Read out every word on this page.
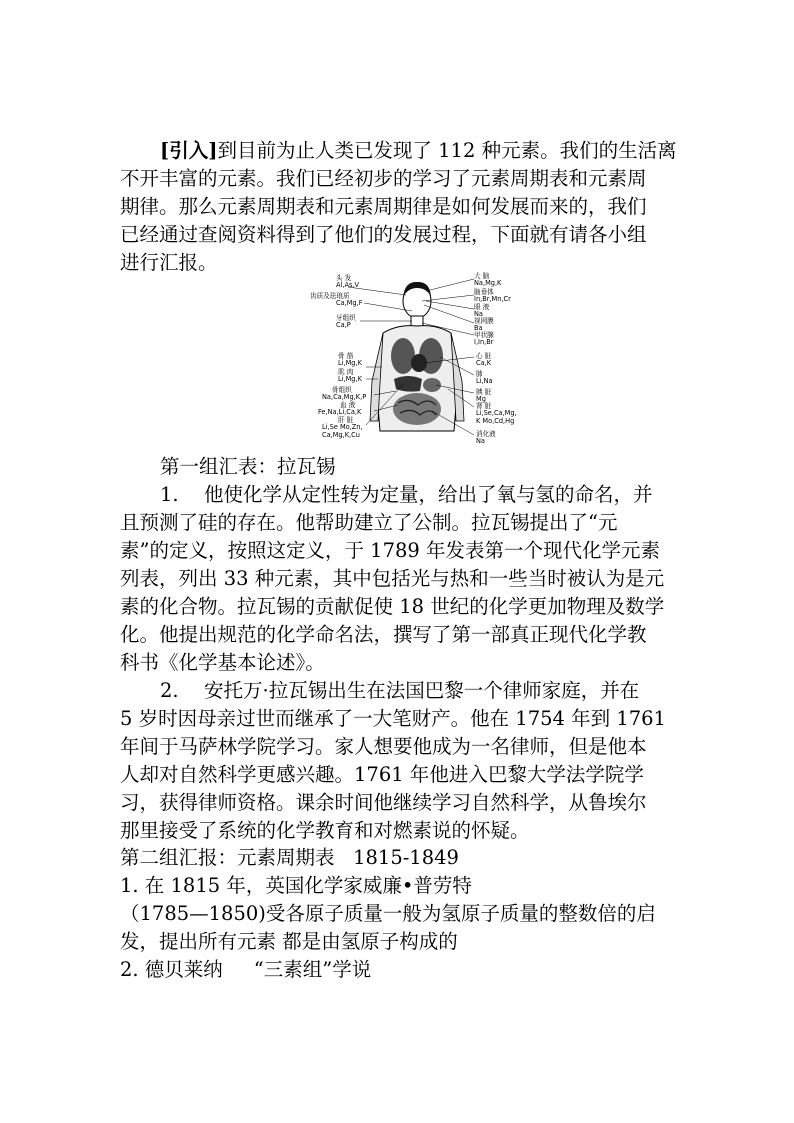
[引入]到目前为止人类已发现了 112 种元素。我们的生活离
不开丰富的元素。我们已经初步的学习了元素周期表和元素周
期律。那么元素周期表和元素周期律是如何发展而来的，我们
已经通过查阅资料得到了他们的发展过程，下面就有请各小组
进行汇报。
头 发
Al,As,V
齿质及珐琅质
Ca,Mg,F
牙组织
Ca,P
骨 筋
Li,Mg,K
肌 肉
Li,Mg,K
骨组织
Na,Ca,Mg,K,P
血 液
Fe,Na,Li,Ca,K
肝 脏
Li,Se Mo,Zn,
Ca,Mg,K,Cu
大 脑
Na,Mg,K
脑垂体
In,Br,Mn,Cr
眼 液
Na
视网膜
Ba
甲状腺
I,In,Br
心 脏
Ca,K
肺
Li,Na
胰 脏
Mg
肾 脏
Li,Se,Ca,Mg,
K Mo,Cd,Hg
消化液
Na
第一组汇表：拉瓦锡
1. 他使化学从定性转为定量，给出了氧与氢的命名，并
且预测了硅的存在。他帮助建立了公制。拉瓦锡提出了“元
素”的定义，按照这定义，于 1789 年发表第一个现代化学元素
列表，列出 33 种元素，其中包括光与热和一些当时被认为是元
素的化合物。拉瓦锡的贡献促使 18 世纪的化学更加物理及数学
化。他提出规范的化学命名法，撰写了第一部真正现代化学教
科书《化学基本论述》。
2. 安托万·拉瓦锡出生在法国巴黎一个律师家庭，并在
5 岁时因母亲过世而继承了一大笔财产。他在 1754 年到 1761
年间于马萨林学院学习。家人想要他成为一名律师，但是他本
人却对自然科学更感兴趣。1761 年他进入巴黎大学法学院学
习，获得律师资格。课余时间他继续学习自然科学，从鲁埃尔
那里接受了系统的化学教育和对燃素说的怀疑。
第二组汇报：元素周期表   1815-1849
1. 在 1815 年，英国化学家威廉•普劳特
（1785—1850)受各原子质量一般为氢原子质量的整数倍的启
发，提出所有元素 都是由氢原子构成的
2. 德贝莱纳     “三素组”学说
